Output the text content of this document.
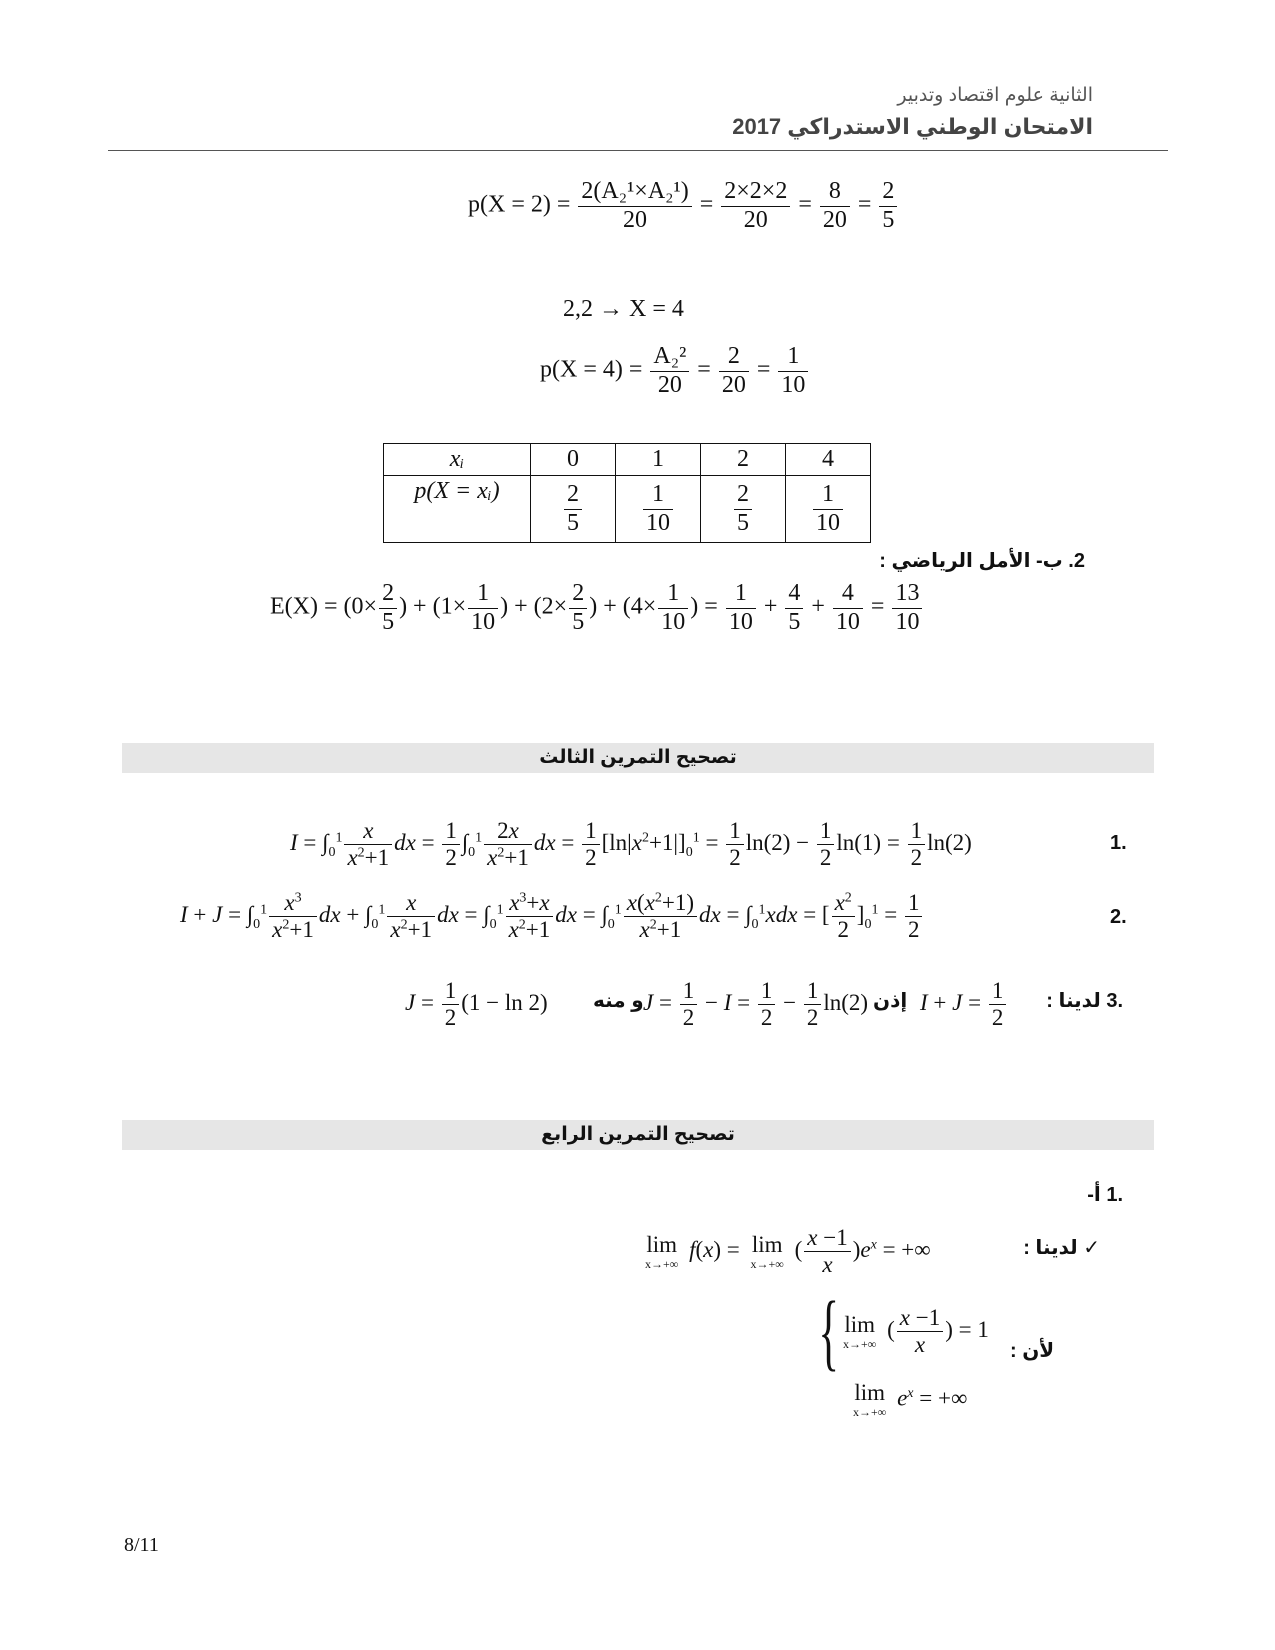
الثانية علوم اقتصاد وتدبير
الامتحان الوطني الاستدراكي 2017
$p(X = 2) = \frac{\text{2(A₂¹×A₂¹)}}{20} = \frac{2\times 2\times 2}{20} = \frac{8}{20} = \frac{2}{5}$
2,2 → X = 4
$p(X = 4) = \frac{\text{A₂²}}{20} = \frac{2}{20} = \frac{1}{10}$
xᵢ	0	1	2	4
p(X = xᵢ)	$\frac{2}{5}$	$\frac{1}{10}$	$\frac{2}{5}$	$\frac{1}{10}$
2. ب- الأمل الرياضي :
$E(X) = (0\times \frac{2}{5}$ ) + ($1\times \frac{1}{10}$ ) + ($2\times \frac{2}{5}$ ) + ($4\times \frac{1}{10}$ ) = $\frac{1}{10} + \frac{4}{5} + \frac{4}{10} = \frac{13}{10}$
تصحيح التمرين الثالث
$I = \int_0^1 \frac{x}{x^2+1}$ dx = $\frac{1}{2} \int_0^1 \frac{2x}{x^2+1}$ dx = $\frac{1}{2} [\ln|x^2+1|]_0^1 = \frac{1}{2} \ln(2) - \frac{1}{2} \ln(1) = \frac{1}{2} \ln(2)$	.1
$I + J = \int_0^1 \frac{x^3}{x^2+1}$ dx + $\int_0^1 \frac{x}{x^2+1}$ dx = $\int_0^1 \frac{x^3+x}{x^2+1}$ dx = $\int_0^1 \frac{x(x^2+1)}{x^2+1}$ dx = $\int_0^1xdx$ = [ $\frac{x^2}{2} ]_0^1 = \frac{1}{2}$	.2
$J = \frac{1}{2} (1 - \ln 2)$ و منه $J = \frac{1}{2} - I = \frac{1}{2} - \frac{1}{2} \ln(2)$ إذن $I + J = \frac{1}{2} .3$ لدينا :
تصحيح التمرين الرابع
.1 أ-
lim
x→+∞
f(x) = lim
x→+∞
( $\frac{x -1}{x} )e^x$ = +∞	✓ لدينا :
{ lim
x→+∞
( $\frac{x -1}{x}$ ) = 1
lim
x→+∞
$e^x$ = +∞
لأن :
8/11
